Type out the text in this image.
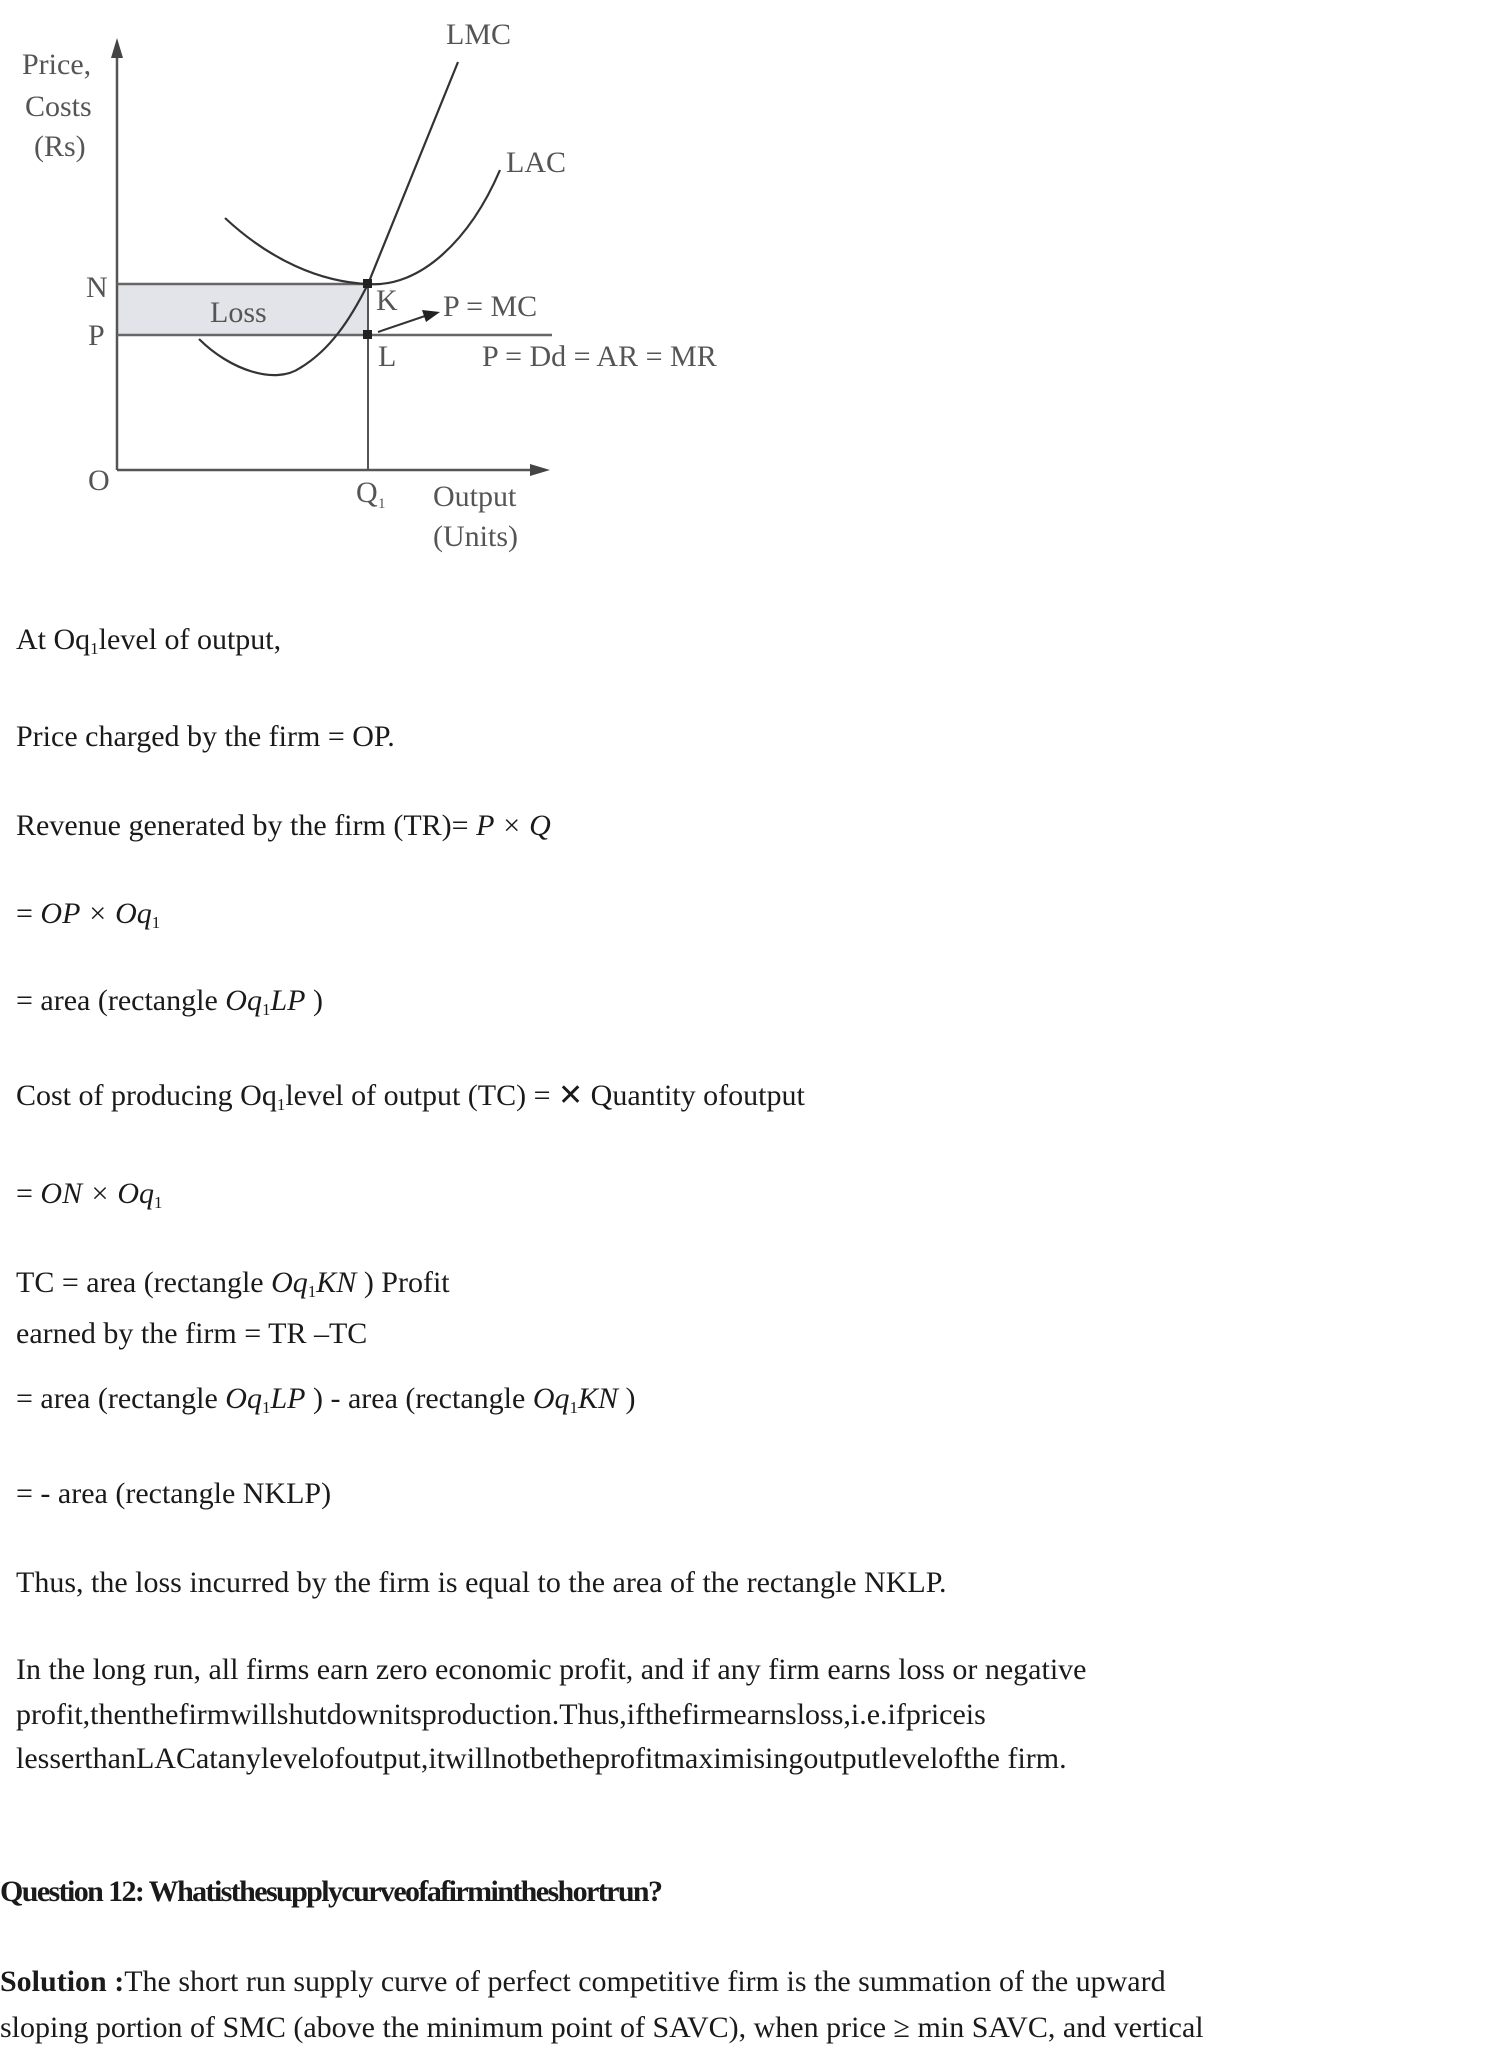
Price,
Costs
(Rs)
LMC
LAC
N
P
Loss	K
L
P = MC
P = Dd = AR = MR
O	Q 1 Output
(Units)
At $Oq_1level$ of output,
Price charged by the firm = OP.
Revenue generated by the firm (TR)= P × Q
= OP × $Oq_1$
= area (rectangle $Oq_1LP$ )
Cost of producing $Oq_1level$ of output (TC) = ✕ Quantity ofoutput
= ON × $Oq_1$
TC = area (rectangle $Oq_1KN$ ) Profit
earned by the firm = TR –TC
= area (rectangle $Oq_1LP$ ) - area (rectangle $Oq_1KN$ )
= - area (rectangle NKLP)
Thus, the loss incurred by the firm is equal to the area of the rectangle NKLP.
In the long run, all firms earn zero economic profit, and if any firm earns loss or negative
profit,thenthefirmwillshutdownitsproduction.Thus,ifthefirmearnsloss,i.e.ifpriceis
lesserthanLACatanylevelofoutput,itwillnotbetheprofitmaximisingoutputlevelofthe firm.
Question 12: Whatisthesupplycurveofafirmintheshortrun?
Solution :The short run supply curve of perfect competitive firm is the summation of the upward
sloping portion of SMC (above the minimum point of SAVC), when price ≥ min SAVC, and vertical
